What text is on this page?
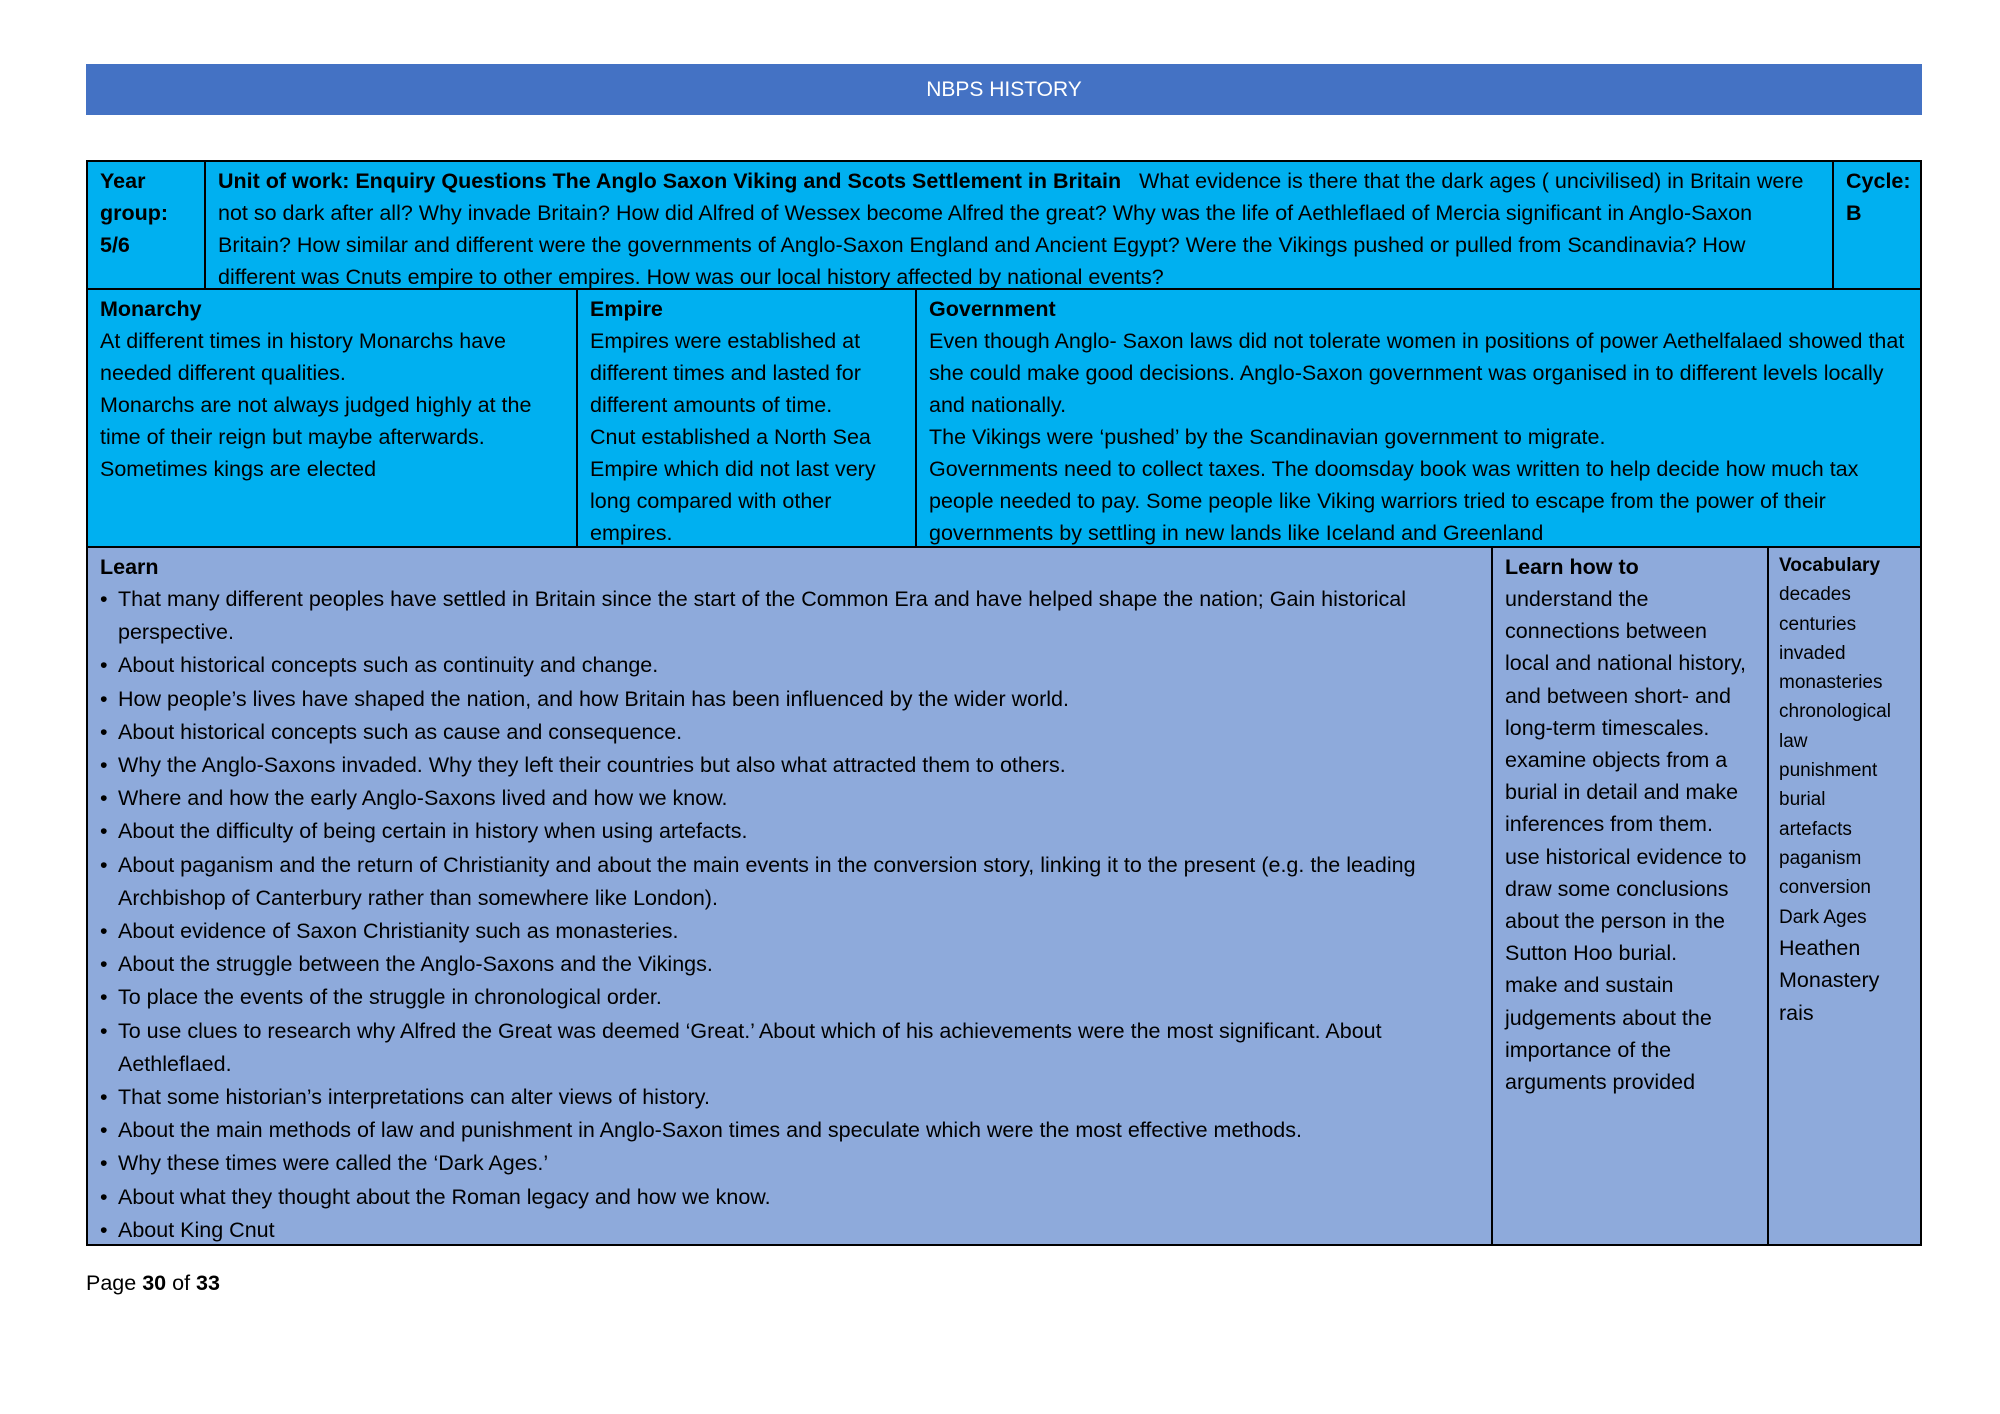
NBPS HISTORY
Year
group:
5/6
Unit of work: Enquiry Questions The Anglo Saxon Viking and Scots Settlement in Britain What evidence is there that the dark ages ( uncivilised) in Britain were not so dark after all? Why invade Britain? How did Alfred of Wessex become Alfred the great? Why was the life of Aethleflaed of Mercia significant in Anglo-Saxon Britain? How similar and different were the governments of Anglo-Saxon England and Ancient Egypt? Were the Vikings pushed or pulled from Scandinavia? How different was Cnuts empire to other empires. How was our local history affected by national events?
Cycle:
B
Monarchy
At different times in history Monarchs have needed different qualities.
Monarchs are not always judged highly at the time of their reign but maybe afterwards.
Sometimes kings are elected
Empire
Empires were established at different times and lasted for different amounts of time.
Cnut established a North Sea Empire which did not last very long compared with other empires.
Government
Even though Anglo- Saxon laws did not tolerate women in positions of power Aethelfalaed showed that she could make good decisions. Anglo-Saxon government was organised in to different levels locally and nationally.
The Vikings were ‘pushed’ by the Scandinavian government to migrate.
Governments need to collect taxes. The doomsday book was written to help decide how much tax people needed to pay. Some people like Viking warriors tried to escape from the power of their governments by settling in new lands like Iceland and Greenland
Learn
• That many different peoples have settled in Britain since the start of the Common Era and have helped shape the nation; Gain historical perspective.
• About historical concepts such as continuity and change.
• How people’s lives have shaped the nation, and how Britain has been influenced by the wider world.
• About historical concepts such as cause and consequence.
• Why the Anglo-Saxons invaded. Why they left their countries but also what attracted them to others.
• Where and how the early Anglo-Saxons lived and how we know.
• About the difficulty of being certain in history when using artefacts.
• About paganism and the return of Christianity and about the main events in the conversion story, linking it to the present (e.g. the leading Archbishop of Canterbury rather than somewhere like London).
• About evidence of Saxon Christianity such as monasteries.
• About the struggle between the Anglo-Saxons and the Vikings.
• To place the events of the struggle in chronological order.
• To use clues to research why Alfred the Great was deemed ‘Great.’ About which of his achievements were the most significant. About Aethleflaed.
• That some historian’s interpretations can alter views of history.
• About the main methods of law and punishment in Anglo-Saxon times and speculate which were the most effective methods.
• Why these times were called the ‘Dark Ages.’
• About what they thought about the Roman legacy and how we know.
• About King Cnut
Learn how to
understand the connections between local and national history, and between short- and long-term timescales.
examine objects from a burial in detail and make inferences from them.
use historical evidence to draw some conclusions about the person in the Sutton Hoo burial.
make and sustain judgements about the importance of the arguments provided
Vocabulary
decades
centuries
invaded
monasteries
chronological
law
punishment
burial
artefacts
paganism
conversion
Dark Ages
Heathen
Monastery
rais
Page 30 of 33
